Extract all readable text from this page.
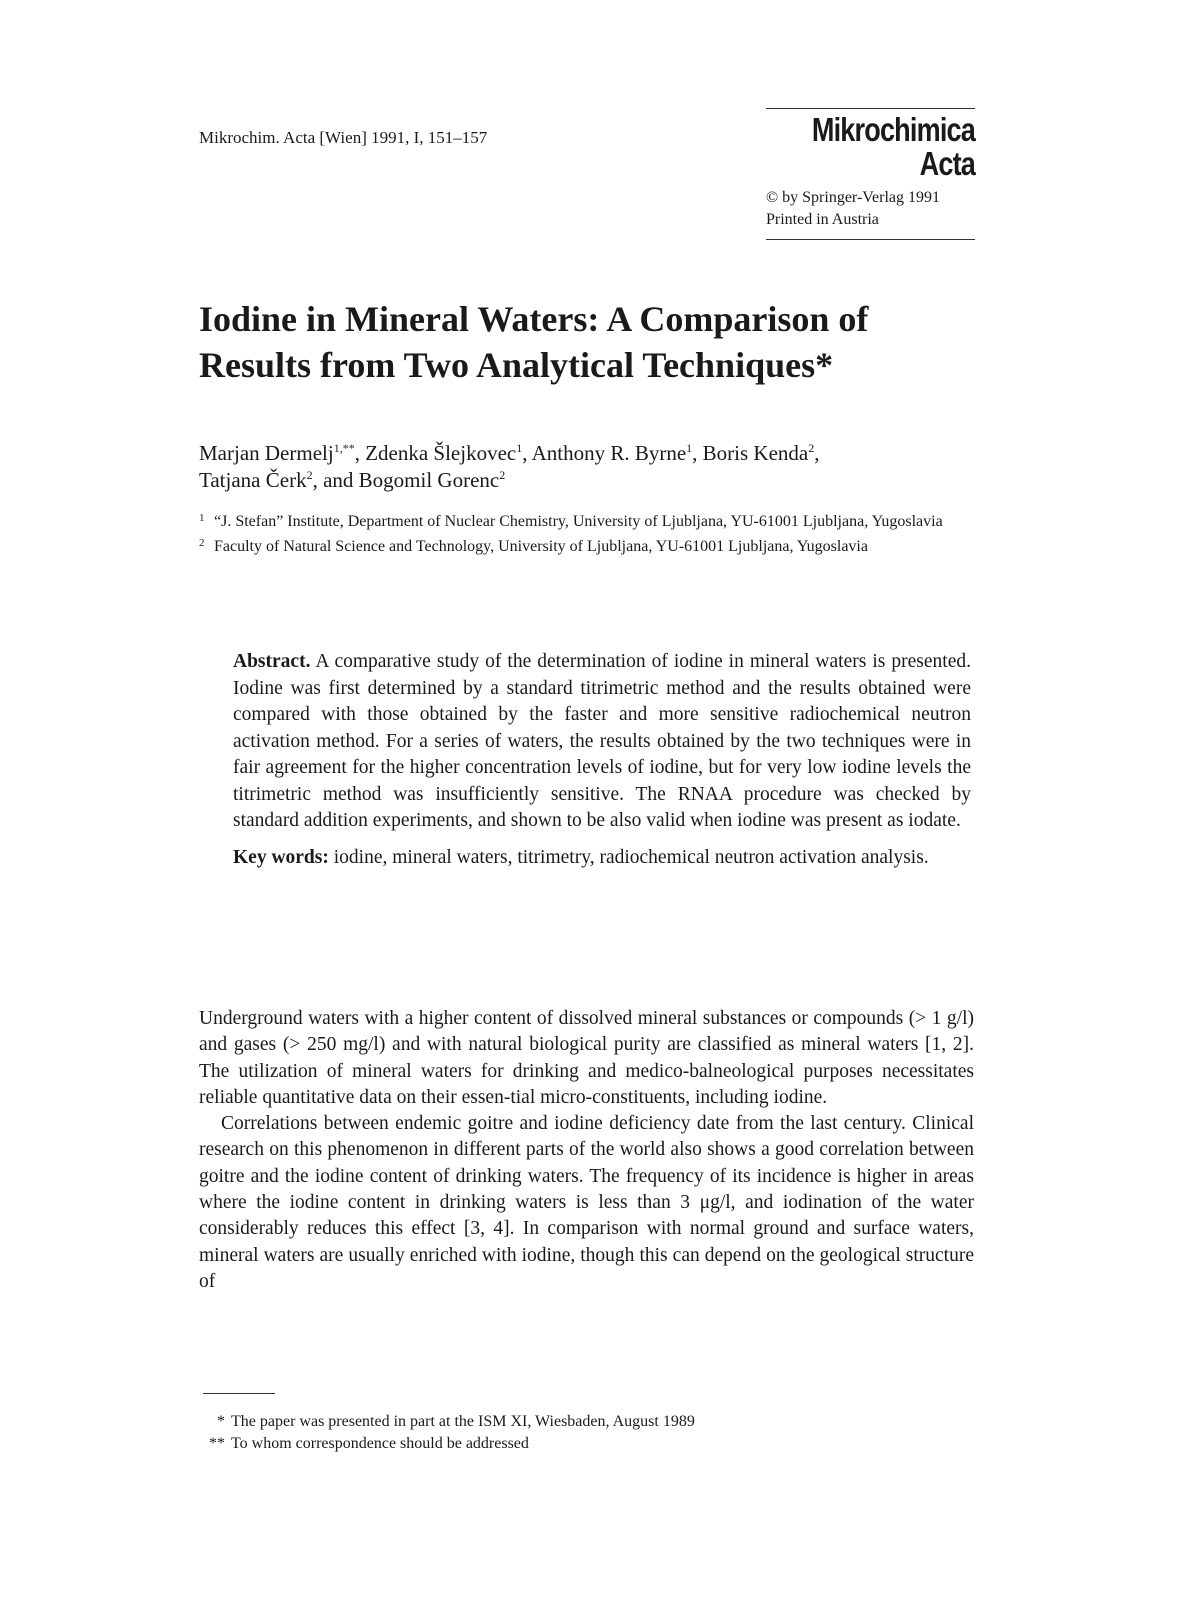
Mikrochim. Acta [Wien] 1991, I, 151–157	Mikrochimica
Acta
© by Springer-Verlag 1991
Printed in Austria
Iodine in Mineral Waters: A Comparison of Results from Two Analytical Techniques*
Marjan Dermelj$^{1,**}$, Zdenka Šlejkovec$^1$, Anthony R. Byrne$^1$, Boris Kenda$^2$,
Tatjana Čerk$^2$, and Bogomil Gorenc$^2$
1 “J. Stefan” Institute, Department of Nuclear Chemistry, University of Ljubljana, YU-61001 Ljubljana, Yugoslavia
2 Faculty of Natural Science and Technology, University of Ljubljana, YU-61001 Ljubljana, Yugoslavia

Abstract. A comparative study of the determination of iodine in mineral waters is presented. Iodine was first determined by a standard titrimetric method and the results obtained were compared with those obtained by the faster and more sensitive radiochemical neutron activation method. For a series of waters, the results obtained by the two techniques were in fair agreement for the higher concentration levels of iodine, but for very low iodine levels the titrimetric method was insufficiently sensitive. The RNAA procedure was checked by standard addition experiments, and shown to be also valid when iodine was present as iodate.

Key words: iodine, mineral waters, titrimetry, radiochemical neutron activation analysis.

Underground waters with a higher content of dissolved mineral substances or compounds (> 1 g/l) and gases (> 250 mg/l) and with natural biological purity are classified as mineral waters [1, 2]. The utilization of mineral waters for drinking and medico-balneological purposes necessitates reliable quantitative data on their essen-tial micro-constituents, including iodine.

Correlations between endemic goitre and iodine deficiency date from the last century. Clinical research on this phenomenon in different parts of the world also shows a good correlation between goitre and the iodine content of drinking waters. The frequency of its incidence is higher in areas where the iodine content in drinking waters is less than 3 μg/l, and iodination of the water considerably reduces this effect [3, 4]. In comparison with normal ground and surface waters, mineral waters are usually enriched with iodine, though this can depend on the geological structure of

* The paper was presented in part at the ISM XI, Wiesbaden, August 1989
** To whom correspondence should be addressed
